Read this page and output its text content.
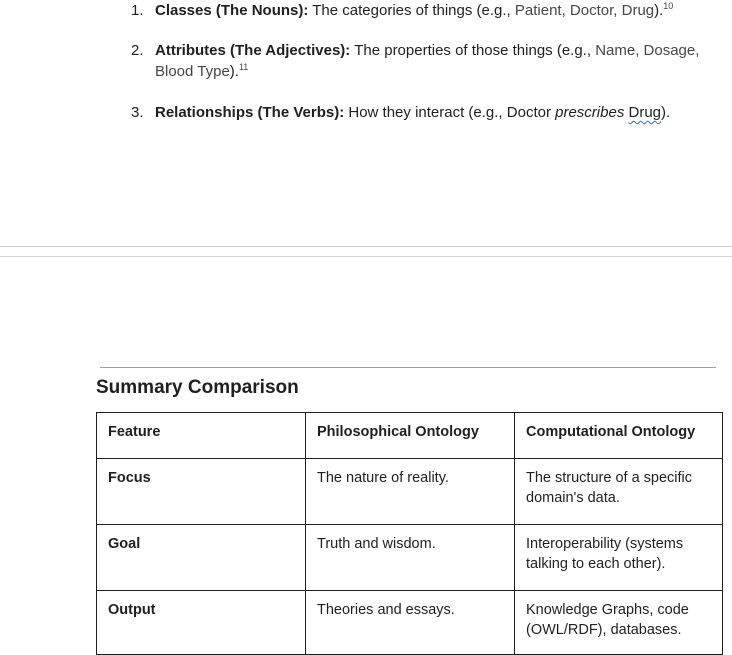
1. Classes (The Nouns): The categories of things (e.g., Patient, Doctor, Drug).$^{10}$
2. Attributes (The Adjectives): The properties of those things (e.g., Name, Dosage, Blood Type).$^{11}$
3. Relationships (The Verbs): How they interact (e.g., Doctor prescribes Drug).
Summary Comparison
Feature	Philosophical Ontology	Computational Ontology
Focus	The nature of reality.	The structure of a specific domain's data.
Goal	Truth and wisdom.	Interoperability (systems talking to each other).
Output	Theories and essays.	Knowledge Graphs, code (OWL/RDF), databases.
